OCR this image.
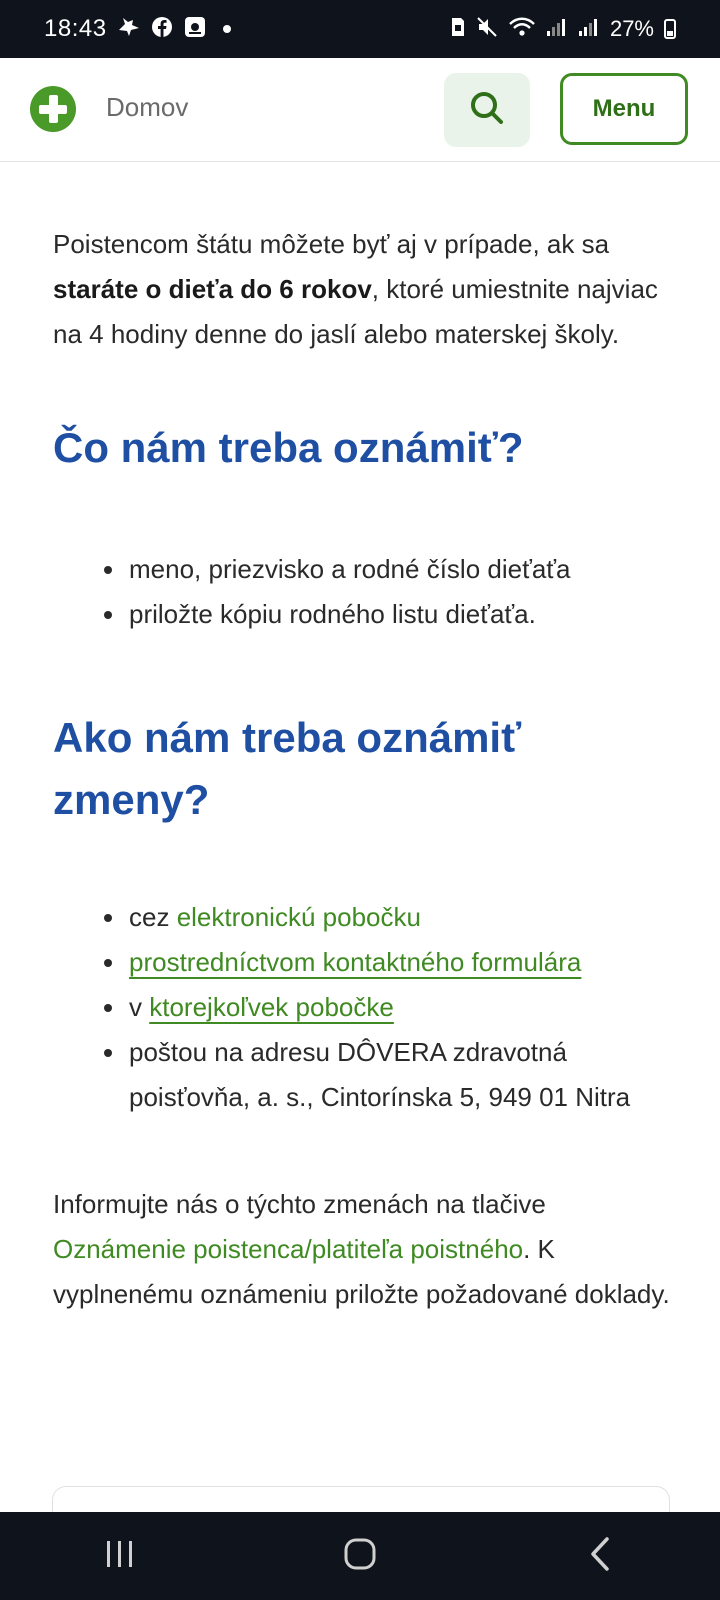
18:43	27%
Domov	Menu

Poistencom štátu môžete byť aj v prípade, ak sa staráte o dieťa do 6 rokov, ktoré umiestnite najviac na 4 hodiny denne do jaslí alebo materskej školy.

Čo nám treba oznámiť?
• meno, priezvisko a rodné číslo dieťaťa
• priložte kópiu rodného listu dieťaťa.
Ako nám treba oznámiť zmeny?
• cez elektronickú pobočku
• prostredníctvom kontaktného formulára
• v ktorejkoľvek pobočke
• poštou na adresu DÔVERA zdravotná poisťovňa, a. s., Cintorínska 5, 949 01 Nitra

Informujte nás o týchto zmenách na tlačive Oznámenie poistenca/platiteľa poistného. K vyplnenému oznámeniu priložte požadované doklady.
